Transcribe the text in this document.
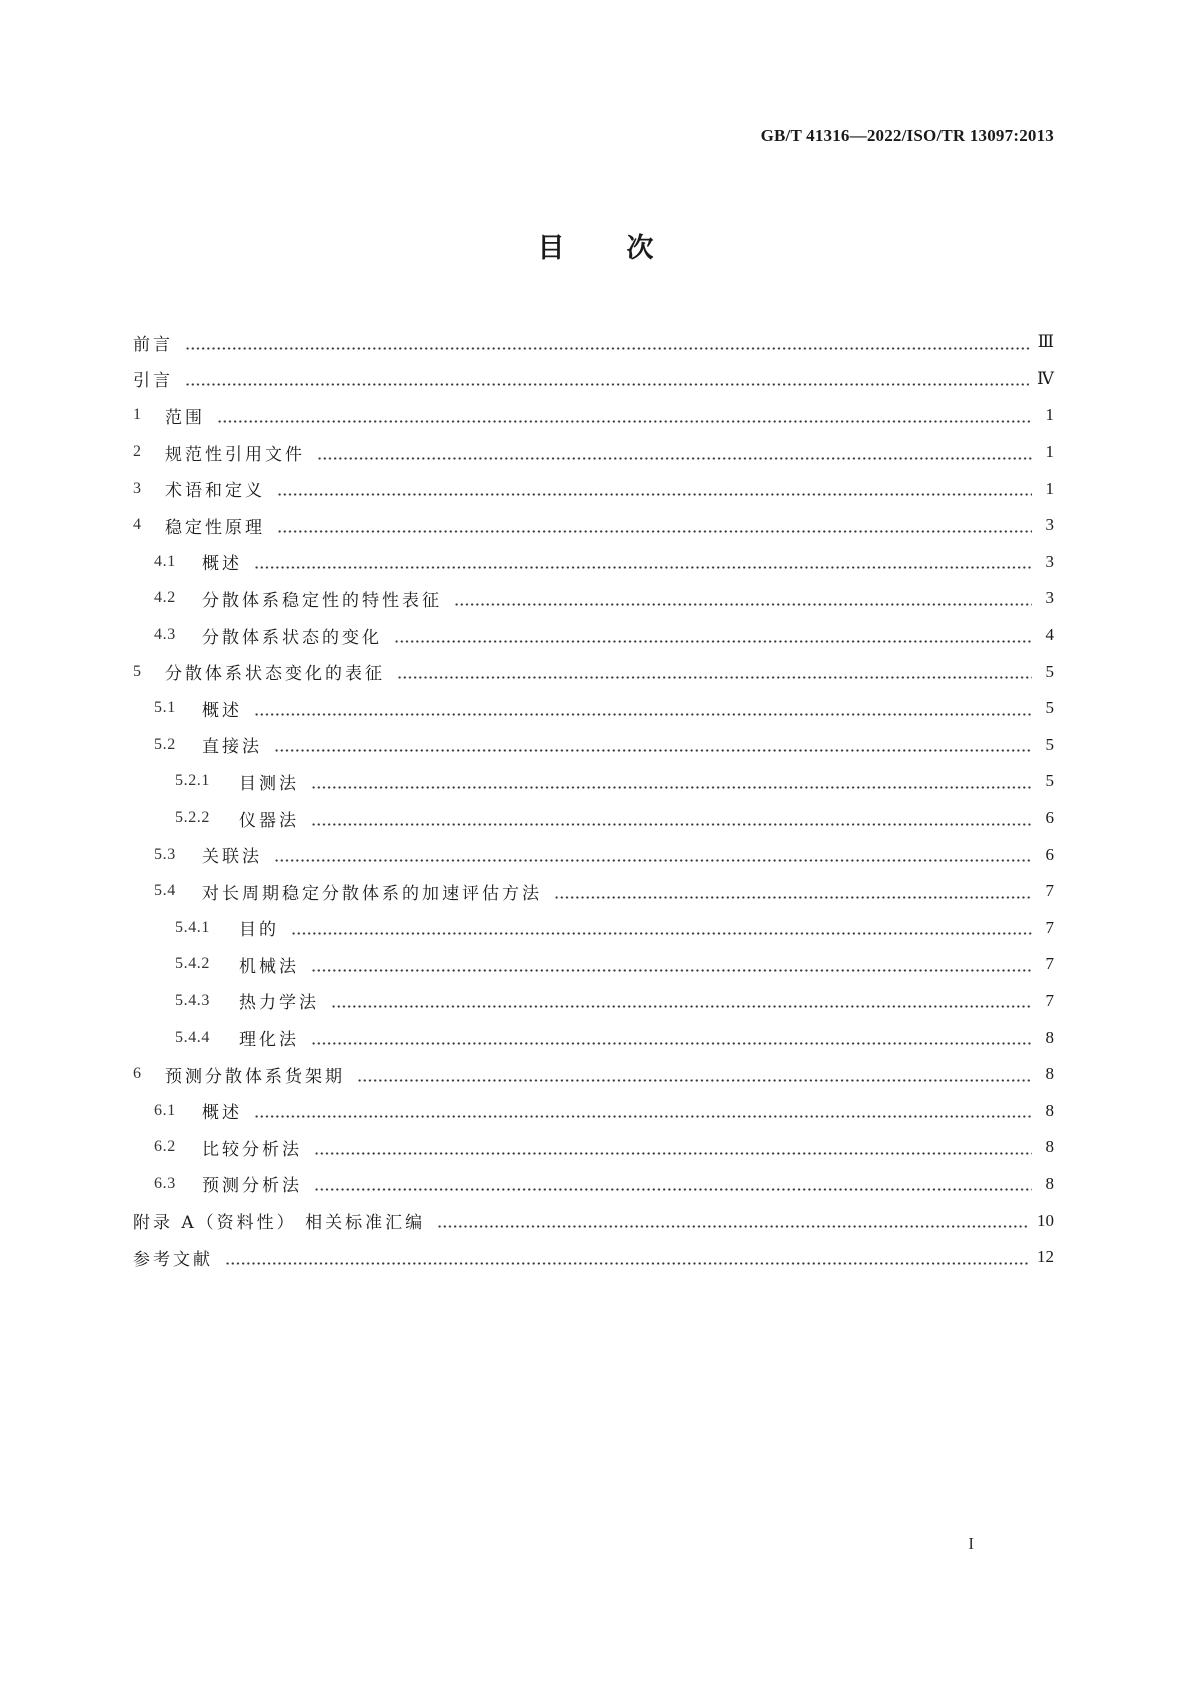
GB/T 41316—2022/ISO/TR 13097:2013
目次
前言	Ⅲ
引言	Ⅳ
1	范围	1
2	规范性引用文件	1
3	术语和定义	1
4	稳定性原理	3
4.1	概述	3
4.2	分散体系稳定性的特性表征	3
4.3	分散体系状态的变化	4
5	分散体系状态变化的表征	5
5.1	概述	5
5.2	直接法	5
5.2.1	目测法	5
5.2.2	仪器法	6
5.3	关联法	6
5.4	对长周期稳定分散体系的加速评估方法	7
5.4.1	目的	7
5.4.2	机械法	7
5.4.3	热力学法	7
5.4.4	理化法	8
6	预测分散体系货架期	8
6.1	概述	8
6.2	比较分析法	8
6.3	预测分析法	8
附录 A（资料性） 相关标准汇编	10
参考文献	12
I
